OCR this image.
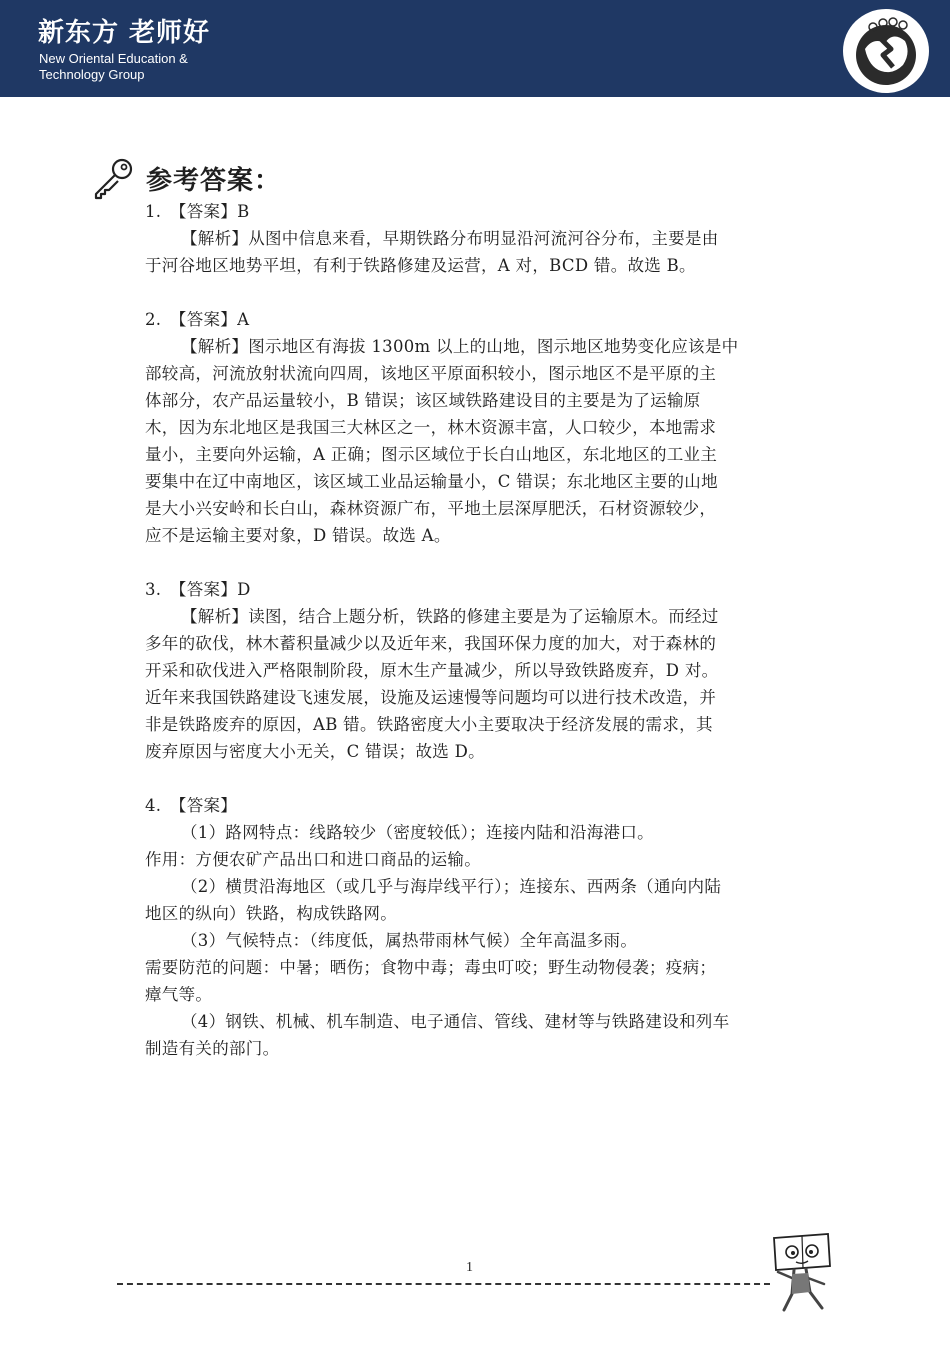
新东方 老师好
New Oriental Education &
Technology Group
参考答案：

1.　【答案】B

【解析】从图中信息来看，早期铁路分布明显沿河流河谷分布，主要是由

于河谷地区地势平坦，有利于铁路修建及运营，A 对，BCD 错。故选 B。

2.　【答案】A

【解析】图示地区有海拔 1300m 以上的山地，图示地区地势变化应该是中

部较高，河流放射状流向四周，该地区平原面积较小，图示地区不是平原的主

体部分，农产品运量较小，B 错误；该区域铁路建设目的主要是为了运输原

木，因为东北地区是我国三大林区之一，林木资源丰富，人口较少，本地需求

量小，主要向外运输，A 正确；图示区域位于长白山地区，东北地区的工业主

要集中在辽中南地区，该区域工业品运输量小，C 错误；东北地区主要的山地

是大小兴安岭和长白山，森林资源广布，平地土层深厚肥沃，石材资源较少，

应不是运输主要对象，D 错误。故选 A。

3.　【答案】D

【解析】读图，结合上题分析，铁路的修建主要是为了运输原木。而经过

多年的砍伐，林木蓄积量减少以及近年来，我国环保力度的加大，对于森林的

开采和砍伐进入严格限制阶段，原木生产量减少，所以导致铁路废弃，D 对。

近年来我国铁路建设飞速发展，设施及运速慢等问题均可以进行技术改造，并

非是铁路废弃的原因，AB 错。铁路密度大小主要取决于经济发展的需求，其

废弃原因与密度大小无关，C 错误；故选 D。

4.　【答案】

（1）路网特点：线路较少（密度较低）；连接内陆和沿海港口。

作用：方便农矿产品出口和进口商品的运输。

（2）横贯沿海地区（或几乎与海岸线平行）；连接东、西两条（通向内陆

地区的纵向）铁路，构成铁路网。

（3）气候特点：（纬度低，属热带雨林气候）全年高温多雨。

需要防范的问题：中暑；晒伤；食物中毒；毒虫叮咬；野生动物侵袭；疫病；

瘴气等。

（4）钢铁、机械、机车制造、电子通信、管线、建材等与铁路建设和列车

制造有关的部门。

1
